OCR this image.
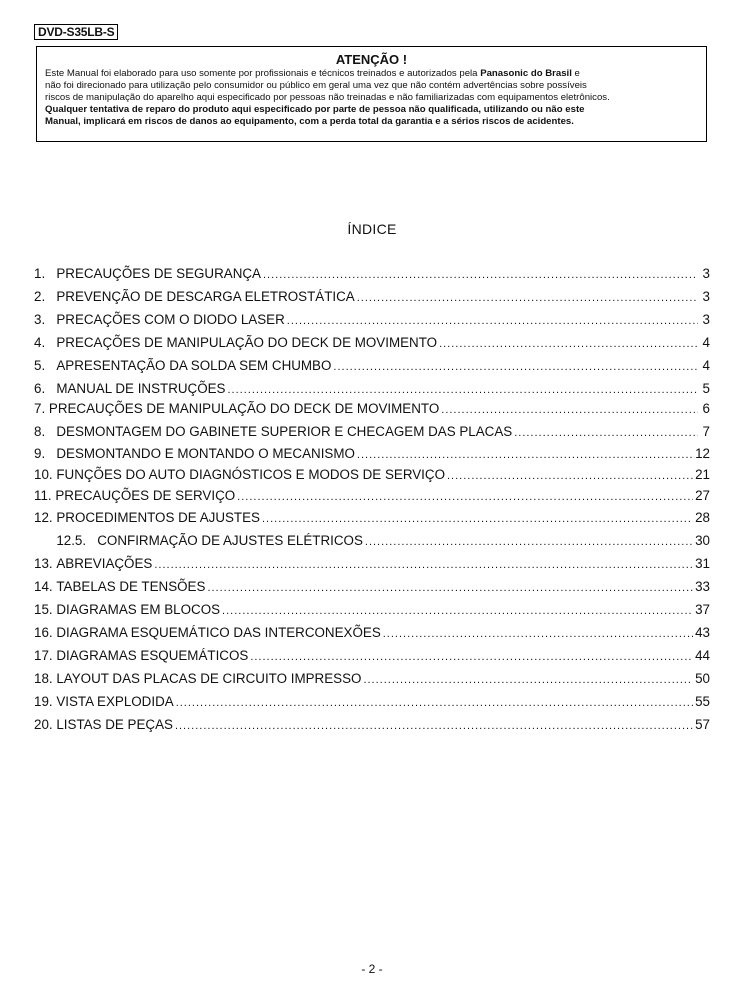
DVD-S35LB-S
ATENÇÃO !
Este Manual foi elaborado para uso somente por profissionais e técnicos treinados e autorizados pela Panasonic do Brasil e
não foi direcionado para utilização pelo consumidor ou público em geral uma vez que não contém advertências sobre possíveis
riscos de manipulação do aparelho aqui especificado por pessoas não treinadas e não familiarizadas com equipamentos eletrônicos.
Qualquer tentativa de reparo do produto aqui especificado por parte de pessoa não qualificada, utilizando ou não este
Manual, implicará em riscos de danos ao equipamento, com a perda total da garantia e a sérios riscos de acidentes.
ÍNDICE
1. PRECAUÇÕES DE SEGURANÇA .....	3
2. PREVENÇÃO DE DESCARGA ELETROSTÁTICA .....	3
3. PRECAÇÕES COM O DIODO LASER .....	3
4. PRECAÇÕES DE MANIPULAÇÃO DO DECK DE MOVIMENTO .....	4
5. APRESENTAÇÃO DA SOLDA SEM CHUMBO .....	4
6. MANUAL DE INSTRUÇÕES .....	5
7. PRECAUÇÕES DE MANIPULAÇÃO DO DECK DE MOVIMENTO .....	6
8. DESMONTAGEM DO GABINETE SUPERIOR E CHECAGEM DAS PLACAS .....	7
9. DESMONTANDO E MONTANDO O MECANISMO .....	12
10. FUNÇÕES DO AUTO DIAGNÓSTICOS E MODOS DE SERVIÇO .....	21
11. PRECAUÇÕES DE SERVIÇO .....	27
12. PROCEDIMENTOS DE AJUSTES .....	28
12.5. CONFIRMAÇÃO DE AJUSTES ELÉTRICOS .....	30
13. ABREVIAÇÕES .....	31
14. TABELAS DE TENSÕES .....	33
15. DIAGRAMAS EM BLOCOS .....	37
16. DIAGRAMA ESQUEMÁTICO DAS INTERCONEXÕES .....	43
17. DIAGRAMAS ESQUEMÁTICOS .....	44
18. LAYOUT DAS PLACAS DE CIRCUITO IMPRESSO .....	50
19. VISTA EXPLODIDA .....	55
20. LISTAS DE PEÇAS .....	57
- 2 -
